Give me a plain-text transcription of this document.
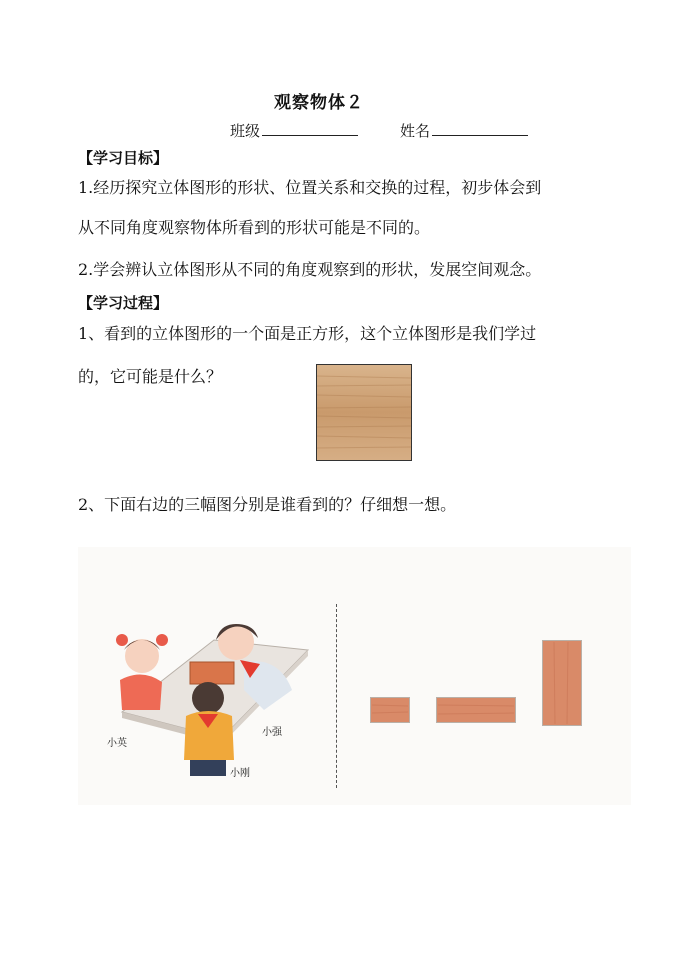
观察物体２
班级	姓名
【学习目标】
1.经历探究立体图形的形状、位置关系和交换的过程，初步体会到
从不同角度观察物体所看到的形状可能是不同的。
2.学会辨认立体图形从不同的角度观察到的形状，发展空间观念。
【学习过程】
1、看到的立体图形的一个面是正方形，这个立体图形是我们学过
的，它可能是什么？
2、下面右边的三幅图分别是谁看到的？仔细想一想。
小英
小强
小刚
